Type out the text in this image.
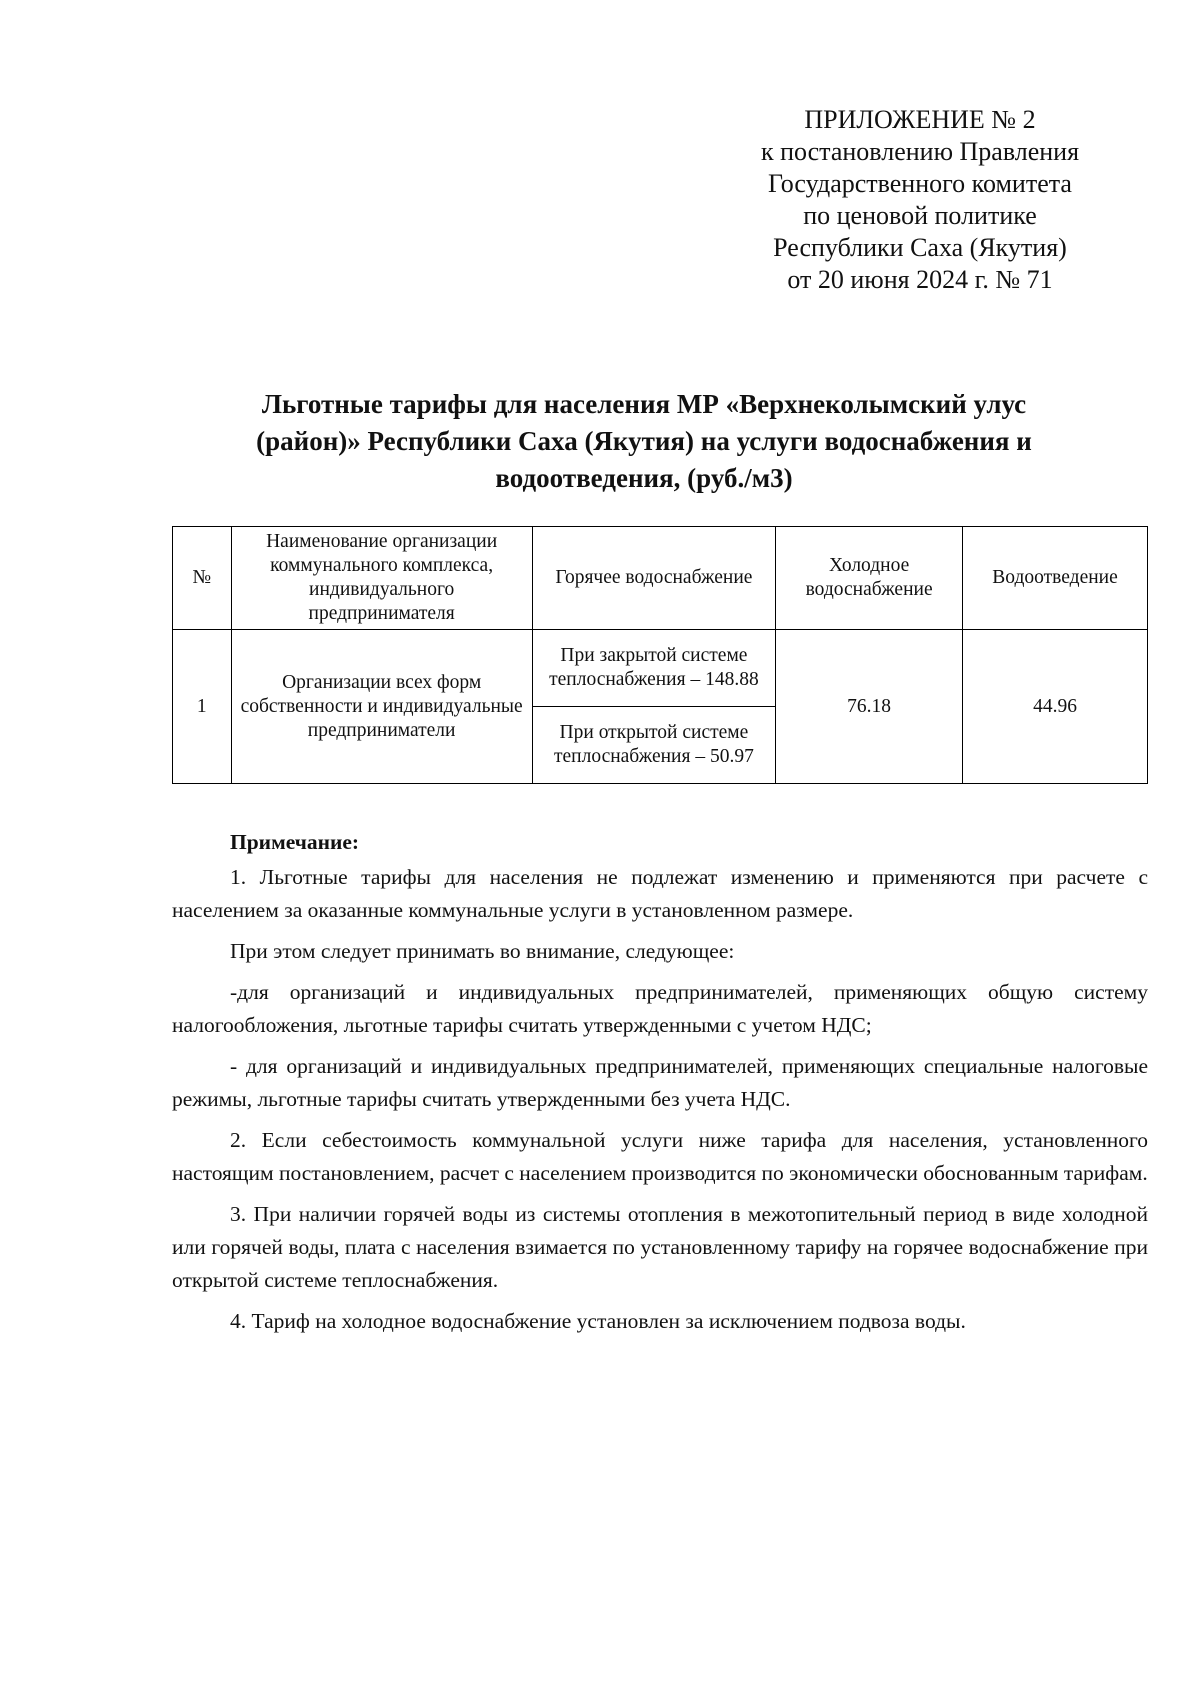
ПРИЛОЖЕНИЕ № 2
к постановлению Правления
Государственного комитета
по ценовой политике
Республики Саха (Якутия)
от 20 июня 2024 г. № 71
Льготные тарифы для населения МР «Верхнеколымский улус
(район)» Республики Саха (Якутия) на услуги водоснабжения и
водоотведения, (руб./м3)
№	Наименование организации коммунального комплекса, индивидуального предпринимателя	Горячее водоснабжение	Холодное водоснабжение	Водоотведение
1	Организации всех форм собственности и индивидуальные предприниматели	При закрытой системе теплоснабжения – 148.88	76.18	44.96
		При открытой системе теплоснабжения – 50.97		

Примечание:

1. Льготные тарифы для населения не подлежат изменению и применяются при расчете с населением за оказанные коммунальные услуги в установленном размере.

При этом следует принимать во внимание, следующее:

-для организаций и индивидуальных предпринимателей, применяющих общую систему налогообложения, льготные тарифы считать утвержденными с учетом НДС;

- для организаций и индивидуальных предпринимателей, применяющих специальные налоговые режимы, льготные тарифы считать утвержденными без учета НДС.

2. Если себестоимость коммунальной услуги ниже тарифа для населения, установленного настоящим постановлением, расчет с населением производится по экономически обоснованным тарифам.

3. При наличии горячей воды из системы отопления в межотопительный период в виде холодной или горячей воды, плата с населения взимается по установленному тарифу на горячее водоснабжение при открытой системе теплоснабжения.

4. Тариф на холодное водоснабжение установлен за исключением подвоза воды.
